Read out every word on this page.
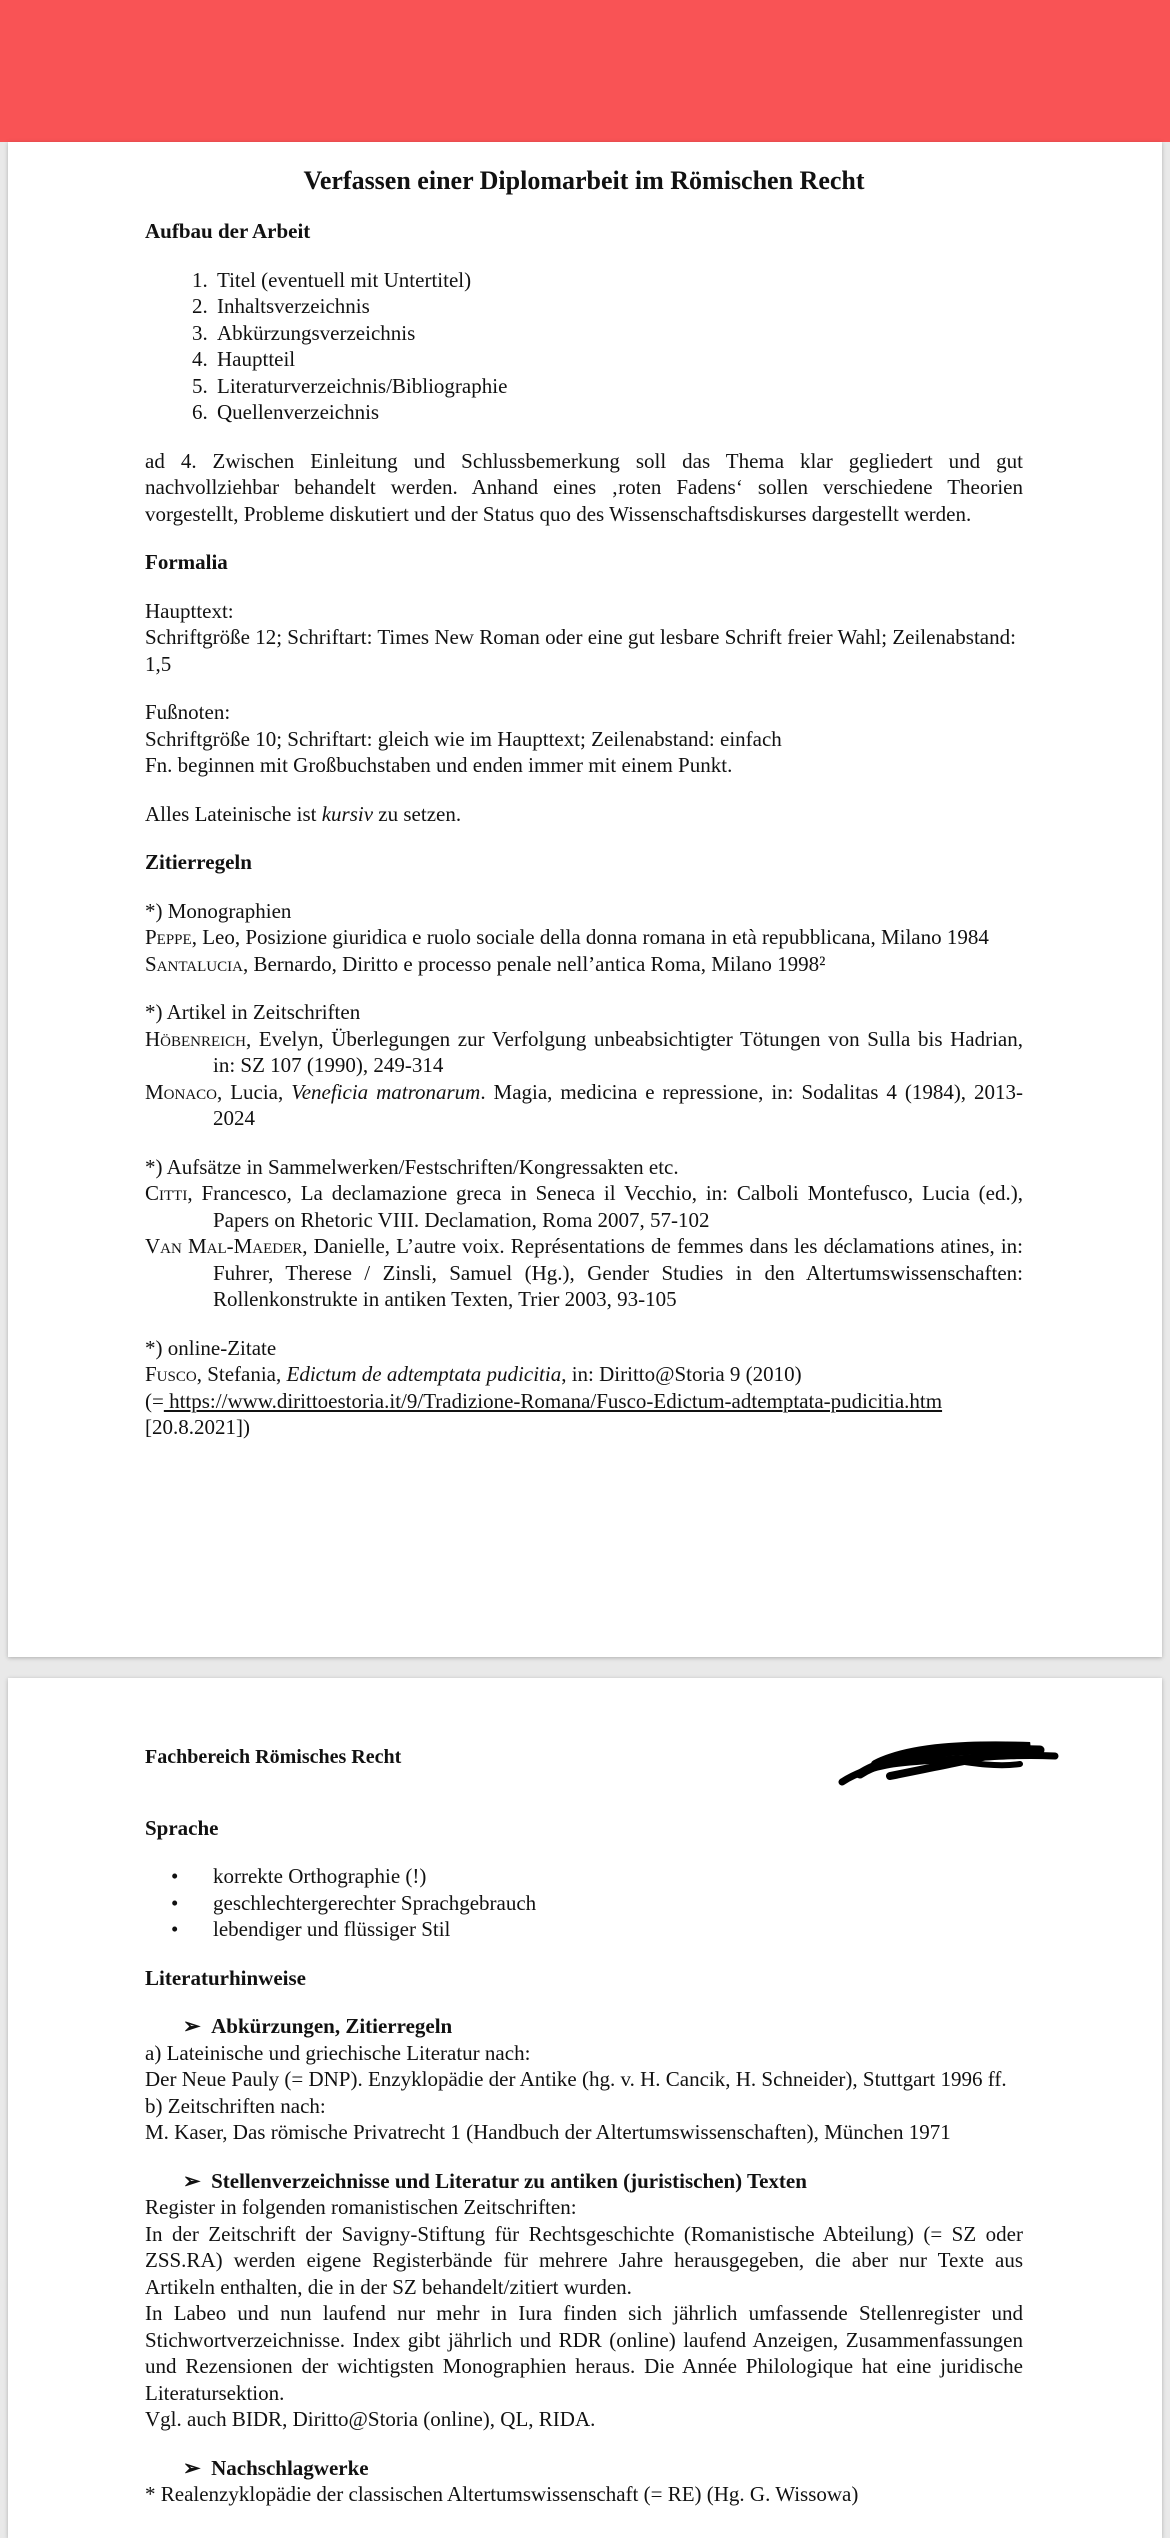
Verfassen einer Diplomarbeit im Römischen Recht
Aufbau der Arbeit
1. Titel (eventuell mit Untertitel)
2. Inhaltsverzeichnis
3. Abkürzungsverzeichnis
4. Hauptteil
5. Literaturverzeichnis/Bibliographie
6. Quellenverzeichnis

ad 4. Zwischen Einleitung und Schlussbemerkung soll das Thema klar gegliedert und gut nachvollziehbar behandelt werden. Anhand eines ‚roten Fadens‘ sollen verschiedene Theorien vorgestellt, Probleme diskutiert und der Status quo des Wissenschaftsdiskurses dargestellt werden.

Formalia

Haupttext:

Schriftgröße 12; Schriftart: Times New Roman oder eine gut lesbare Schrift freier Wahl; Zeilenabstand: 1,5

Fußnoten:

Schriftgröße 10; Schriftart: gleich wie im Haupttext; Zeilenabstand: einfach

Fn. beginnen mit Großbuchstaben und enden immer mit einem Punkt.

Alles Lateinische ist kursiv zu setzen.

Zitierregeln

*) Monographien

Peppe, Leo, Posizione giuridica e ruolo sociale della donna romana in età repubblicana, Milano 1984

Santalucia, Bernardo, Diritto e processo penale nell’antica Roma, Milano 1998²

*) Artikel in Zeitschriften

Höbenreich, Evelyn, Überlegungen zur Verfolgung unbeabsichtigter Tötungen von Sulla bis Hadrian, in: SZ 107 (1990), 249-314

Monaco, Lucia, Veneficia matronarum. Magia, medicina e repressione, in: Sodalitas 4 (1984), 2013-2024

*) Aufsätze in Sammelwerken/Festschriften/Kongressakten etc.

Citti, Francesco, La declamazione greca in Seneca il Vecchio, in: Calboli Montefusco, Lucia (ed.), Papers on Rhetoric VIII. Declamation, Roma 2007, 57-102

Van Mal-Maeder, Danielle, L’autre voix. Représentations de femmes dans les déclamations atines, in: Fuhrer, Therese / Zinsli, Samuel (Hg.), Gender Studies in den Altertumswissenschaften: Rollenkonstrukte in antiken Texten, Trier 2003, 93-105

*) online-Zitate

Fusco, Stefania, Edictum de adtemptata pudicitia, in: Diritto@Storia 9 (2010)

(= https://www.dirittoestoria.it/9/Tradizione-Romana/Fusco-Edictum-adtemptata-pudicitia.htm

[20.8.2021])

Fachbereich Römisches Recht

Sprache
• korrekte Orthographie (!)
• geschlechtergerechter Sprachgebrauch
• lebendiger und flüssiger Stil
Literaturhinweise

➢  Abkürzungen, Zitierregeln

a) Lateinische und griechische Literatur nach:

Der Neue Pauly (= DNP). Enzyklopädie der Antike (hg. v. H. Cancik, H. Schneider), Stuttgart 1996 ff.

b) Zeitschriften nach:

M. Kaser, Das römische Privatrecht 1 (Handbuch der Altertumswissenschaften), München 1971

➢  Stellenverzeichnisse und Literatur zu antiken (juristischen) Texten

Register in folgenden romanistischen Zeitschriften:

In der Zeitschrift der Savigny-Stiftung für Rechtsgeschichte (Romanistische Abteilung) (= SZ oder ZSS.RA) werden eigene Registerbände für mehrere Jahre herausgegeben, die aber nur Texte aus Artikeln enthalten, die in der SZ behandelt/zitiert wurden.

In Labeo und nun laufend nur mehr in Iura finden sich jährlich umfassende Stellenregister und Stichwortverzeichnisse. Index gibt jährlich und RDR (online) laufend Anzeigen, Zusammenfassungen und Rezensionen der wichtigsten Monographien heraus. Die Année Philologique hat eine juridische Literatursektion.

Vgl. auch BIDR, Diritto@Storia (online), QL, RIDA.

➢  Nachschlagwerke

* Realenzyklopädie der classischen Altertumswissenschaft (= RE) (Hg. G. Wissowa)
